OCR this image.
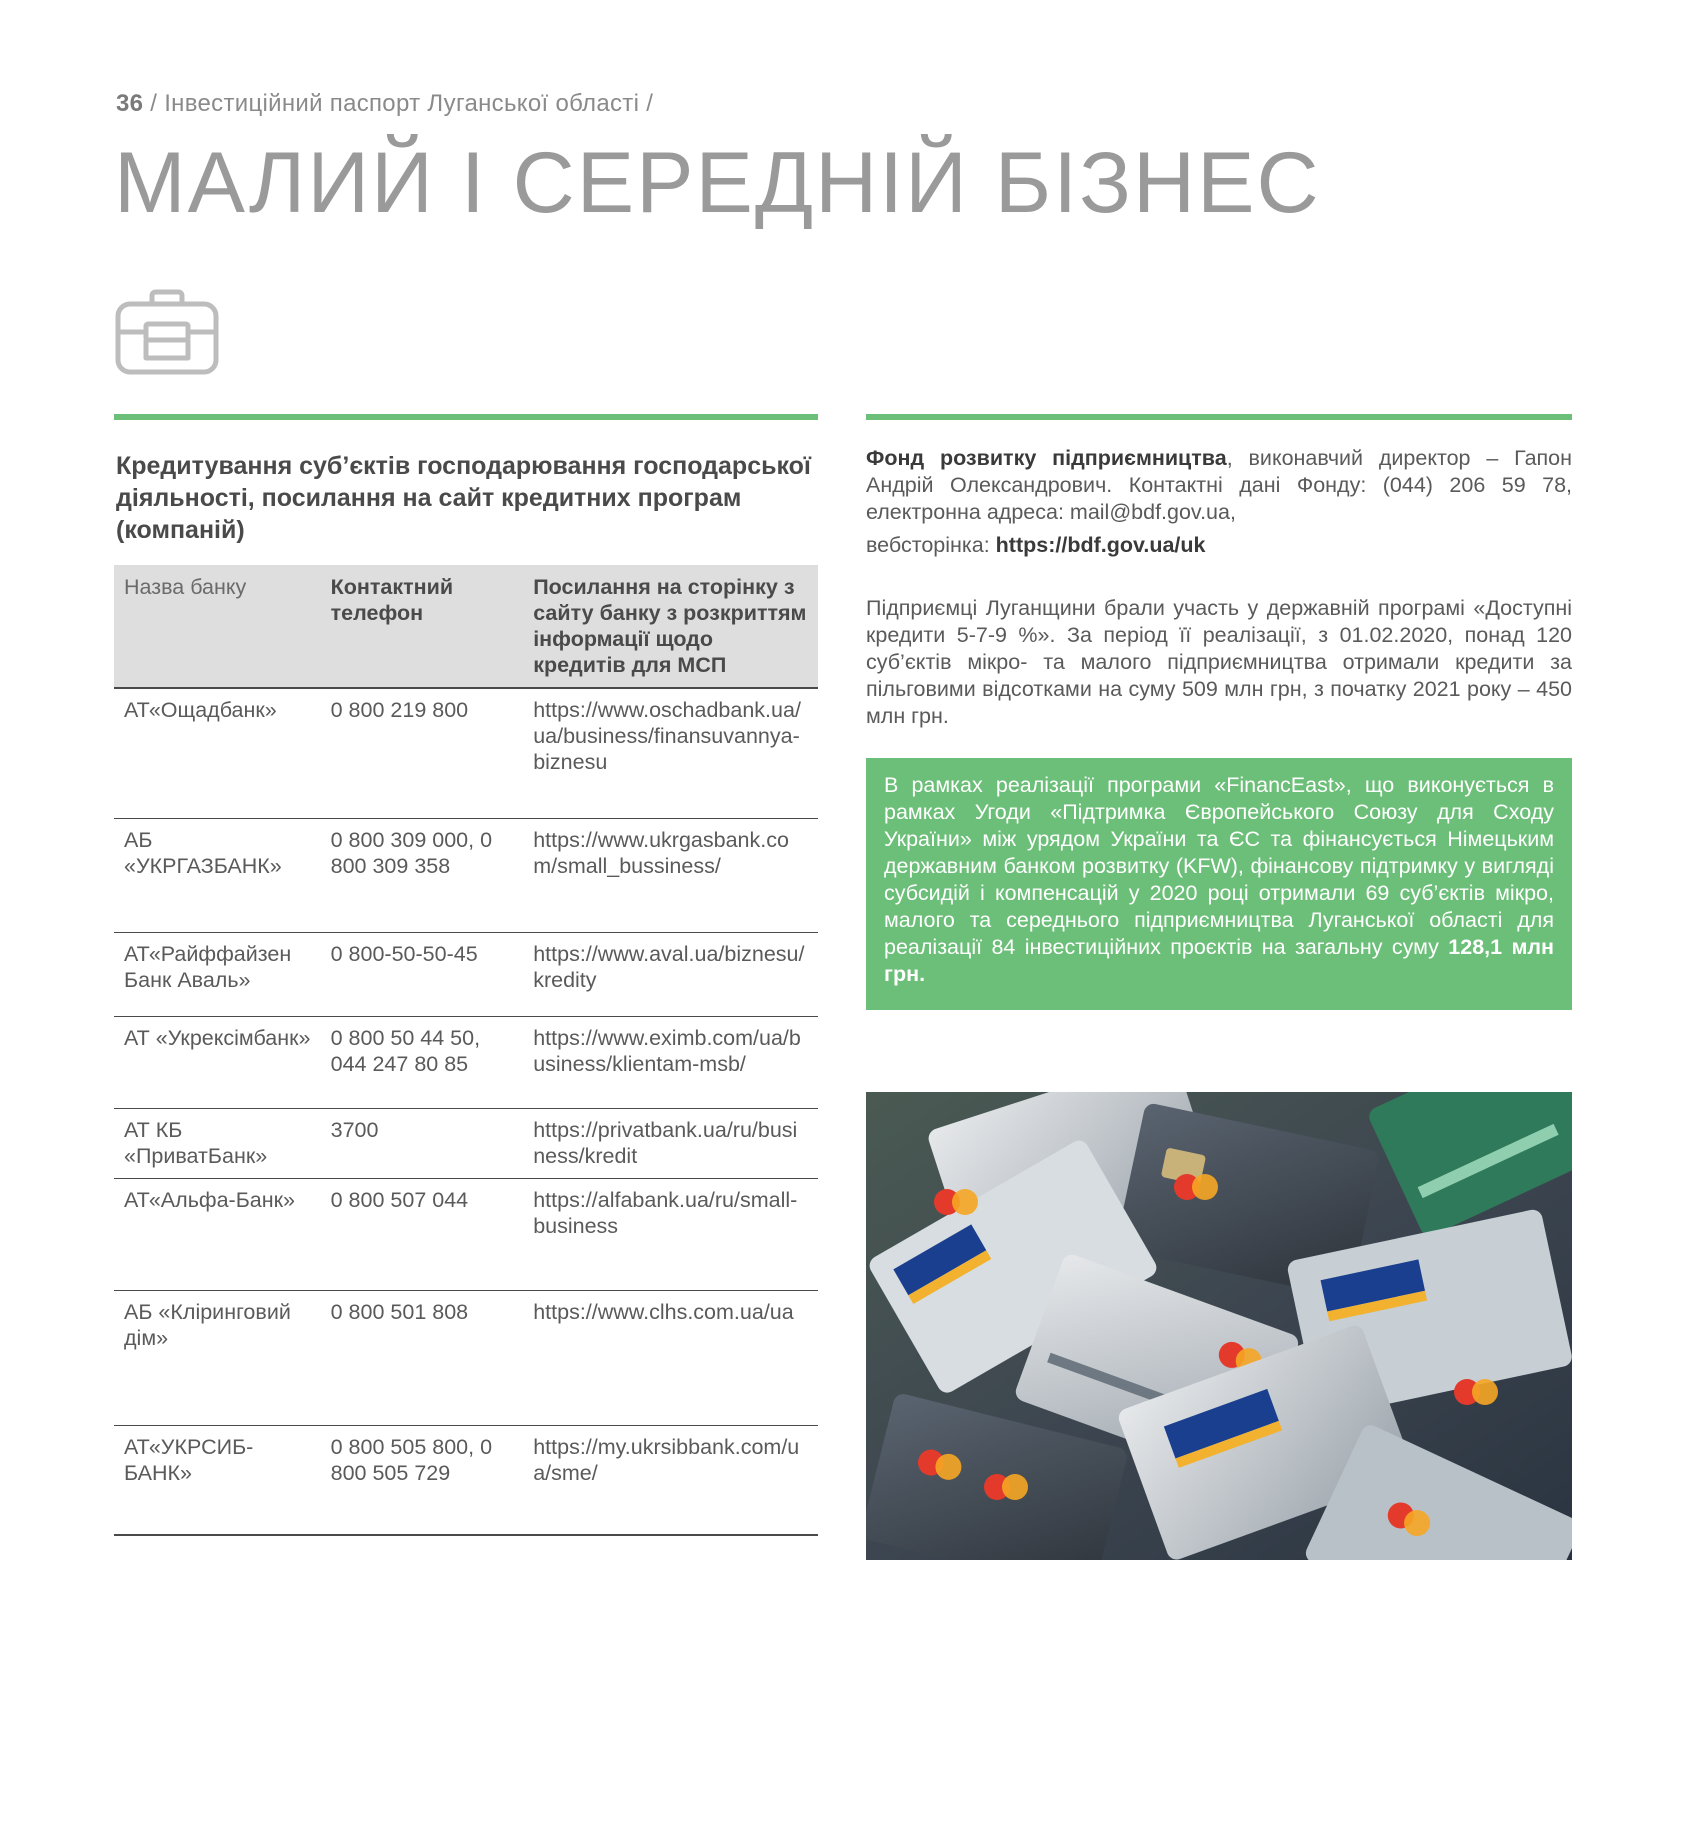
36 / Інвестиційний паспорт Луганської області /
МАЛИЙ І СЕРЕДНІЙ БІЗНЕС
Кредитування суб’єктів господарювання господарської діяльності, посилання на сайт кредитних програм (компаній)
Назва банку	Контактний телефон	Посилання на сторінку з сайту банку з розкриттям інформації щодо кредитів для МСП
АТ«Ощадбанк»	0 800 219 800	https://www.oschadbank.ua/ua/business/finansuvannya-biznesu
АБ «УКРГАЗБАНК»	0 800 309 000, 0 800 309 358	https://www.ukrgasbank.com/small_bussiness/
АТ«Райффайзен Банк Аваль»	0 800-50-50-45	https://www.aval.ua/biznesu/kredity
АТ «Укрексімбанк»	0 800 50 44 50, 044 247 80 85	https://www.eximb.com/ua/business/klientam-msb/
АТ КБ «ПриватБанк»	3700	https://privatbank.ua/ru/business/kredit
АТ«Альфа-Банк»	0 800 507 044	https://alfabank.ua/ru/small-business
АБ «Клiринговий дім»	0 800 501 808	https://www.clhs.com.ua/ua
АТ«УКРСИБ-БАНК»	0 800 505 800, 0 800 505 729	https://my.ukrsibbank.com/ua/sme/
Фонд розвитку підприємництва, виконавчий директор – Гапон Андрій Олександрович. Контактні дані Фонду: (044) 206 59 78, електронна адреса: mail@bdf.gov.ua,
вебсторінка: https://bdf.gov.ua/uk
Підприємці Луганщини брали участь у державній програмі «Доступні кредити 5-7-9 %». За період її реалізації, з 01.02.2020, понад 120 суб’єктів мікро- та малого підприємництва отримали кредити за пільговими відсотками на суму 509 млн грн, з початку 2021 року – 450 млн грн.
В рамках реалізації програми «FinancEast», що виконується в рамках Угоди «Підтримка Європейського Союзу для Сходу України» між урядом України та ЄС та фінансується Німецьким державним банком розвитку (KFW), фінансову підтримку у вигляді субсидій і компенсацій у 2020 році отримали 69 суб’єктів мікро, малого та середнього підприємництва Луганської області для реалізації 84 інвестиційних проєктів на загальну суму 128,1 млн грн.
